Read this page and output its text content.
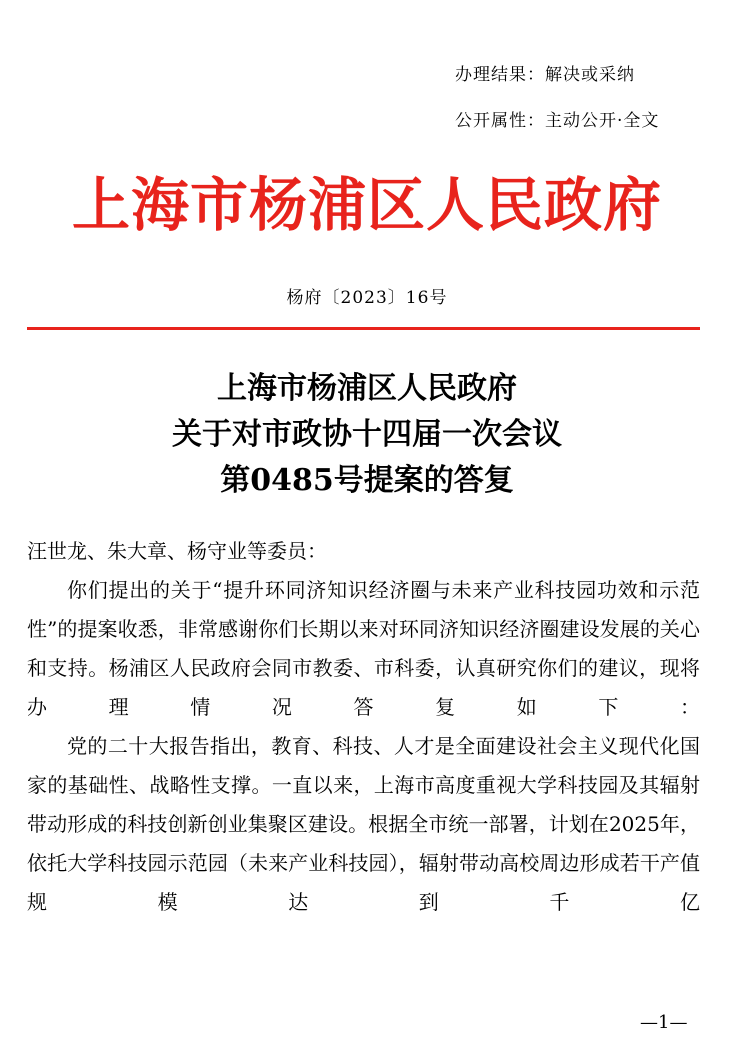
办理结果：解决或采纳
公开属性：主动公开·全文
上海市杨浦区人民政府
杨府〔2023〕16号
上海市杨浦区人民政府
关于对市政协十四届一次会议
第0485号提案的答复
汪世龙、朱大章、杨守业等委员：
你们提出的关于“提升环同济知识经济圈与未来产业科技园功效和示范性”的提案收悉，非常感谢你们长期以来对环同济知识经济圈建设发展的关心和支持。杨浦区人民政府会同市教委、市科委，认真研究你们的建议，现将办理情况答复如下：
党的二十大报告指出，教育、科技、人才是全面建设社会主义现代化国家的基础性、战略性支撑。一直以来，上海市高度重视大学科技园及其辐射带动形成的科技创新创业集聚区建设。根据全市统一部署，计划在2025年，依托大学科技园示范园（未来产业科技园），辐射带动高校周边形成若干产值规模达到千亿
—1—
